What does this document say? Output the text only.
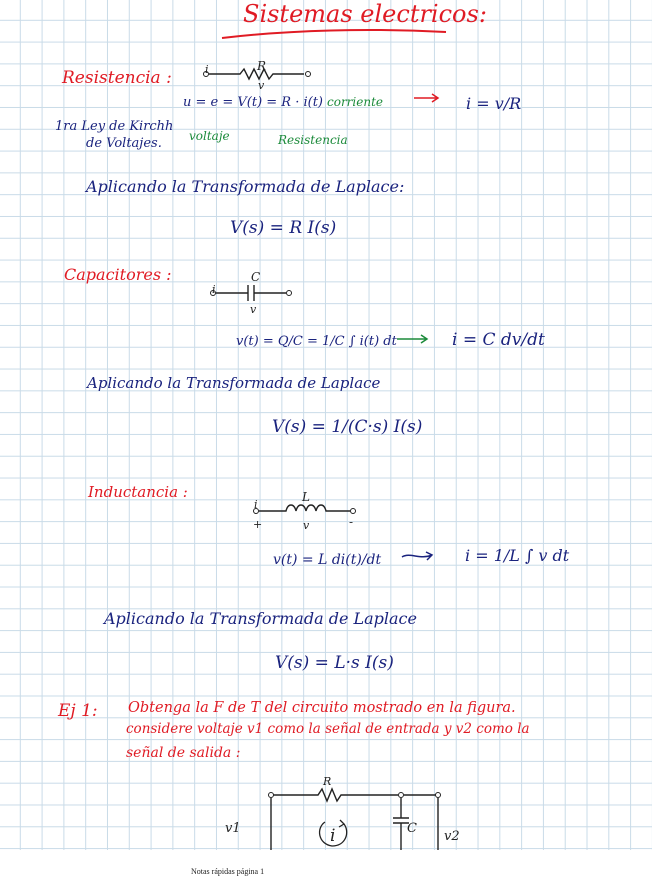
Sistemas electricos:
Resistencia :	i	R
v
u = e = V(t) = R · i(t) corriente	i = v/R
1ra Ley de Kirchh
de Voltajes. voltaje	Resistencia
Aplicando la Transformada de Laplace:
V(s) = R I(s)
Capacitores :	C
i
v
v(t) = Q/C = 1/C ∫ i(t) dt	i = C dv/dt
Aplicando la Transformada de Laplace
V(s) = 1/(C·s) I(s)
Inductancia :	L
i
+	v	-
v(t) = L di(t)/dt	i = 1/L ∫ v dt
Aplicando la Transformada de Laplace
V(s) = L·s I(s)
Ej 1: Obtenga la F de T del circuito mostrado en la figura.
considere voltaje v1 como la señal de entrada y v2 como la
señal de salida :
R
C
v1
v2
i
Notas rápidas página 1
